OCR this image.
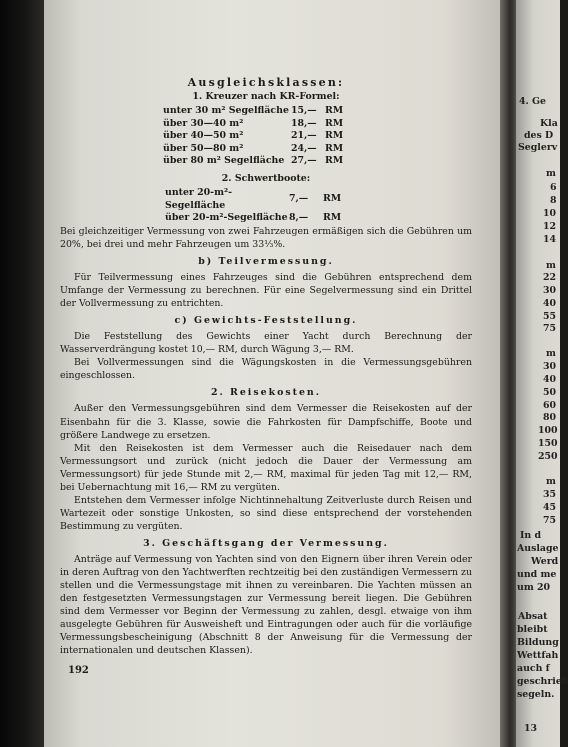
4. Ge
Kla
des D
Seglerv
m
6
8
10
12
14
m
22
30
40
55
75
m
30
40
50
60
80
100
150
250
m
35
45
75
In d
Auslage
Werd
und me
um 20
Absat
bleibt
Bildung
Wettfah
auch f
geschrieb
segeln.
13
Ausgleichsklassen:
1. Kreuzer nach KR-Formel:
unter 30 m² Segelfläche	15,—	RM
über 30—40 m²	18,—	RM
über 40—50 m²	21,—	RM
über 50—80 m²	24,—	RM
über 80 m² Segelfläche	27,—	RM
2. Schwertboote:
unter 20-m²-Segelfläche	7,—	RM
über 20-m²-Segelfläche	8,—	RM

Bei gleichzeitiger Vermessung von zwei Fahrzeugen ermäßigen sich die Gebühren um 20%, bei drei und mehr Fahrzeugen um 33⅓%.

b) Teilvermessung.

Für Teilvermessung eines Fahrzeuges sind die Gebühren entsprechend dem Umfange der Vermessung zu berechnen. Für eine Segelvermessung sind ein Drittel der Vollvermessung zu entrichten.

c) Gewichts-Feststellung.

Die Feststellung des Gewichts einer Yacht durch Berechnung der Wasserverdrängung kostet 10,— RM, durch Wägung 3,— RM.

Bei Vollvermessungen sind die Wägungskosten in die Vermessungsgebühren eingeschlossen.

2. Reisekosten.

Außer den Vermessungsgebühren sind dem Vermesser die Reisekosten auf der Eisenbahn für die 3. Klasse, sowie die Fahrkosten für Dampfschiffe, Boote und größere Landwege zu ersetzen.

Mit den Reisekosten ist dem Vermesser auch die Reisedauer nach dem Vermessungsort und zurück (nicht jedoch die Dauer der Vermessung am Vermessungsort) für jede Stunde mit 2,— RM, maximal für jeden Tag mit 12,— RM, bei Uebernachtung mit 16,— RM zu vergüten.

Entstehen dem Vermesser infolge Nichtinnehaltung Zeitverluste durch Reisen und Wartezeit oder sonstige Unkosten, so sind diese entsprechend der vorstehenden Bestimmung zu vergüten.

3. Geschäftsgang der Vermessung.

Anträge auf Vermessung von Yachten sind von den Eignern über ihren Verein oder in deren Auftrag von den Yachtwerften rechtzeitig bei den zuständigen Vermessern zu stellen und die Vermessungstage mit ihnen zu vereinbaren. Die Yachten müssen an den festgesetzten Vermessungstagen zur Vermessung bereit liegen. Die Gebühren sind dem Vermesser vor Beginn der Vermessung zu zahlen, desgl. etwaige von ihm ausgelegte Gebühren für Ausweisheft und Eintragungen oder auch für die vorläufige Vermessungsbescheinigung (Abschnitt 8 der Anweisung für die Vermessung der internationalen und deutschen Klassen).

192
